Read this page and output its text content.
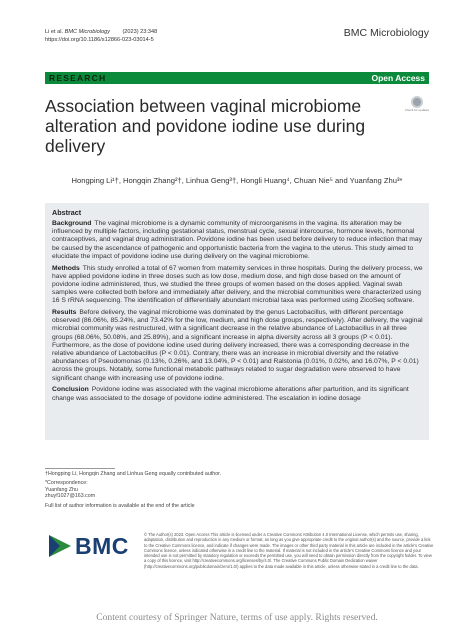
Li et al. BMC Microbiology (2023) 23:348
https://doi.org/10.1186/s12866-023-03014-5
BMC Microbiology
RESEARCH	Open Access
Association between vaginal microbiome alteration and povidone iodine use during delivery
Check for updates
Hongping Li¹†, Hongqin Zhang²†, Linhua Geng³†, Hongli Huang⁴, Chuan Nie⁵ and Yuanfang Zhu³*
Abstract

Background The vaginal microbiome is a dynamic community of microorganisms in the vagina. Its alteration may be influenced by multiple factors, including gestational status, menstrual cycle, sexual intercourse, hormone levels, hormonal contraceptives, and vaginal drug administration. Povidone iodine has been used before delivery to reduce infection that may be caused by the ascendance of pathogenic and opportunistic bacteria from the vagina to the uterus. This study aimed to elucidate the impact of povidone iodine use during delivery on the vaginal microbiome.

Methods This study enrolled a total of 67 women from maternity services in three hospitals. During the delivery process, we have applied povidone iodine in three doses such as low dose, medium dose, and high dose based on the amount of povidone iodine administered, thus, we studied the three groups of women based on the doses applied. Vaginal swab samples were collected both before and immediately after delivery, and the microbial communities were characterized using 16 S rRNA sequencing. The identification of differentially abundant microbial taxa was performed using ZicoSeq software.

Results Before delivery, the vaginal microbiome was dominated by the genus Lactobacillus, with different percentage observed (86.06%, 85.24%, and 73.42% for the low, medium, and high dose groups, respectively). After delivery, the vaginal microbial community was restructured, with a significant decrease in the relative abundance of Lactobacillus in all three groups (68.06%, 50.08%, and 25.89%), and a significant increase in alpha diversity across all 3 groups (P < 0.01). Furthermore, as the dose of povidone iodine used during delivery increased, there was a corresponding decrease in the relative abundance of Lactobacillus (P < 0.01). Contrary, there was an increase in microbial diversity and the relative abundances of Pseudomonas (0.13%, 0.26%, and 13.04%, P < 0.01) and Ralstonia (0.01%, 0.02%, and 16.07%, P < 0.01) across the groups. Notably, some functional metabolic pathways related to sugar degradation were observed to have significant change with increasing use of povidone iodine.

Conclusion Povidone iodine was associated with the vaginal microbiome alterations after parturition, and its significant change was associated to the dosage of povidone iodine administered. The escalation in iodine dosage

†Hongping Li, Hongqin Zhang and Linhua Geng equally contributed author.
*Correspondence:
Yuanfang Zhu
zhuyf1027@163.com
Full list of author information is available at the end of the article
BMC	© The Author(s) 2023. Open Access This article is licensed under a Creative Commons Attribution 4.0 International License, which permits use, sharing, adaptation, distribution and reproduction in any medium or format, as long as you give appropriate credit to the original author(s) and the source, provide a link to the Creative Commons licence, and indicate if changes were made. The images or other third party material in this article are included in the article's Creative Commons licence, unless indicated otherwise in a credit line to the material. If material is not included in the article's Creative Commons licence and your intended use is not permitted by statutory regulation or exceeds the permitted use, you will need to obtain permission directly from the copyright holder. To view a copy of this licence, visit http://creativecommons.org/licenses/by/4.0/. The Creative Commons Public Domain Dedication waiver (http://creativecommons.org/publicdomain/zero/1.0/) applies to the data made available in this article, unless otherwise stated in a credit line to the data.
Content courtesy of Springer Nature, terms of use apply. Rights reserved.
